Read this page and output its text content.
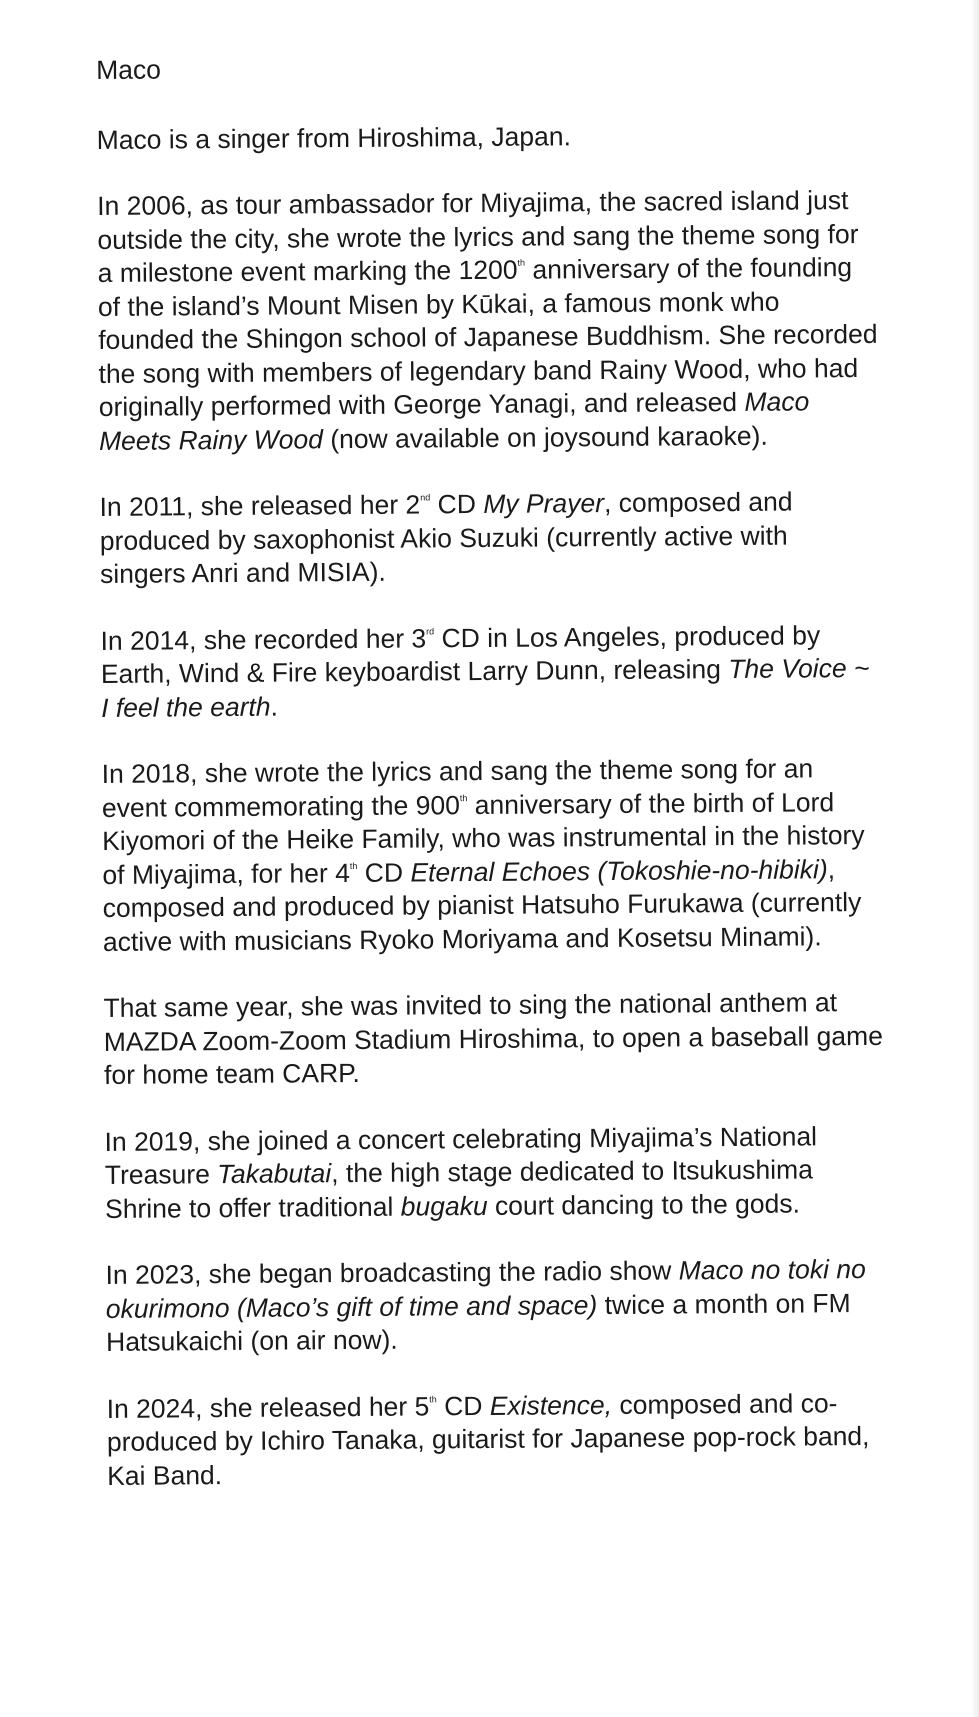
Maco

Maco is a singer from Hiroshima, Japan.

In 2006, as tour ambassador for Miyajima, the sacred island just outside the city, she wrote the lyrics and sang the theme song for a milestone event marking the 1200th anniversary of the founding of the island’s Mount Misen by Kūkai, a famous monk who founded the Shingon school of Japanese Buddhism. She recorded the song with members of legendary band Rainy Wood, who had originally performed with George Yanagi, and released Maco Meets Rainy Wood (now available on joysound karaoke).

In 2011, she released her 2nd CD My Prayer, composed and produced by saxophonist Akio Suzuki (currently active with singers Anri and MISIA).

In 2014, she recorded her 3rd CD in Los Angeles, produced by Earth, Wind & Fire keyboardist Larry Dunn, releasing The Voice ~ I feel the earth.

In 2018, she wrote the lyrics and sang the theme song for an event commemorating the 900th anniversary of the birth of Lord Kiyomori of the Heike Family, who was instrumental in the history of Miyajima, for her 4th CD Eternal Echoes (Tokoshie-no-hibiki), composed and produced by pianist Hatsuho Furukawa (currently active with musicians Ryoko Moriyama and Kosetsu Minami).

That same year, she was invited to sing the national anthem at MAZDA Zoom-Zoom Stadium Hiroshima, to open a baseball game for home team CARP.

In 2019, she joined a concert celebrating Miyajima’s National Treasure Takabutai, the high stage dedicated to Itsukushima Shrine to offer traditional bugaku court dancing to the gods.

In 2023, she began broadcasting the radio show Maco no toki no okurimono (Maco’s gift of time and space) twice a month on FM Hatsukaichi (on air now).

In 2024, she released her 5th CD Existence, composed and co-produced by Ichiro Tanaka, guitarist for Japanese pop-rock band, Kai Band.
